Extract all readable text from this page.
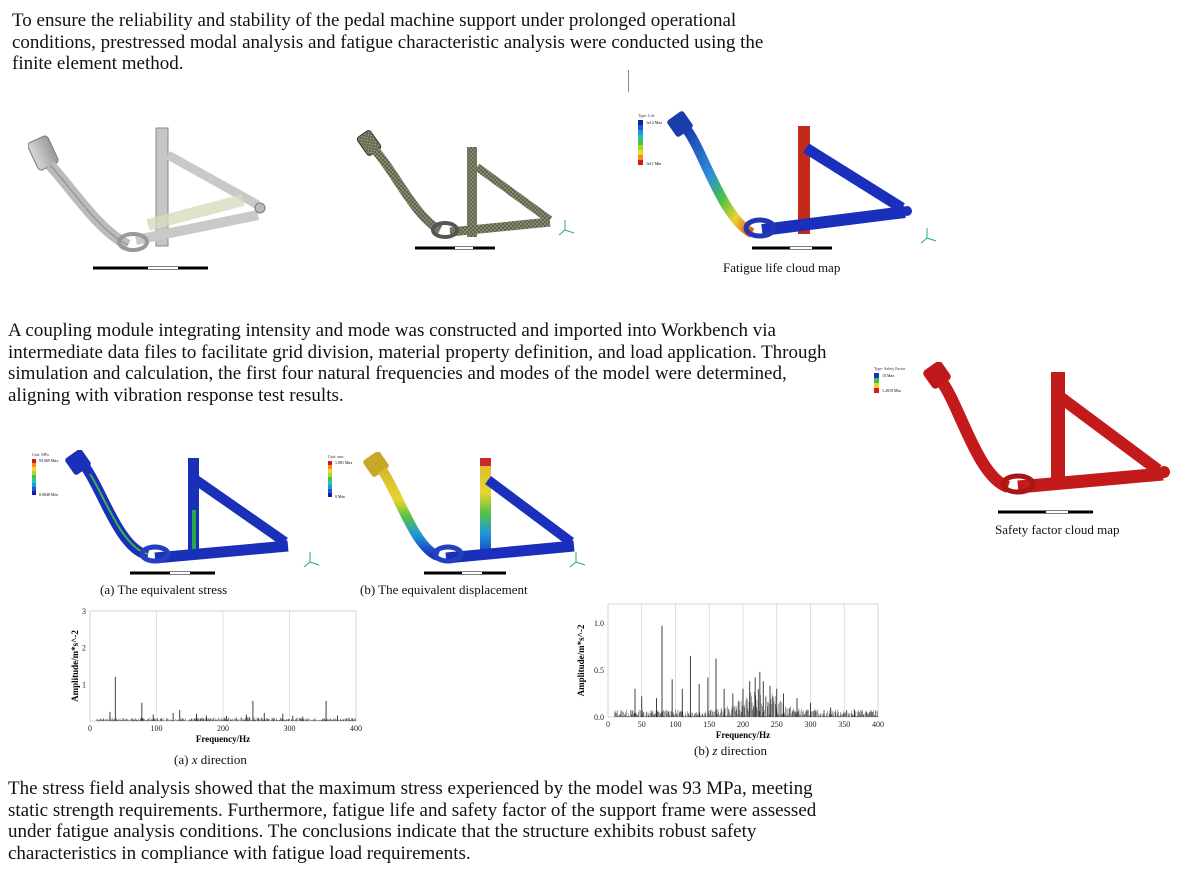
To ensure the reliability and stability of the pedal machine support under prolonged operational conditions, prestressed modal analysis and fatigue characteristic analysis were conducted using the finite element method.

Type: Life
1e12 Max
1e11 Min
Fatigue life cloud map

A coupling module integrating intensity and mode was constructed and imported into Workbench via intermediate data files to facilitate grid division, material property definition, and load application. Through simulation and calculation, the first four natural frequencies and modes of the model were determined, aligning with vibration response test results.

Type: Safety Factor
15 Max
1.2019 Min
Safety factor cloud map
Unit: MPa
93.069 Max
0.0048 Min
(a) The equivalent stress
Unit: mm
1.081 Max
0 Min
(b) The equivalent displacement
0	100	200	300	400
1
2
3
Frequency/Hz
Amplitude/m*s^-2
(a) x direction
0	50	100	150	200	250	300	350	400
0.0
0.5
1.0
Frequency/Hz
Amplitude/m*s^-2
(b) z direction

The stress field analysis showed that the maximum stress experienced by the model was 93 MPa, meeting static strength requirements. Furthermore, fatigue life and safety factor of the support frame were assessed under fatigue analysis conditions. The conclusions indicate that the structure exhibits robust safety characteristics in compliance with fatigue load requirements.
